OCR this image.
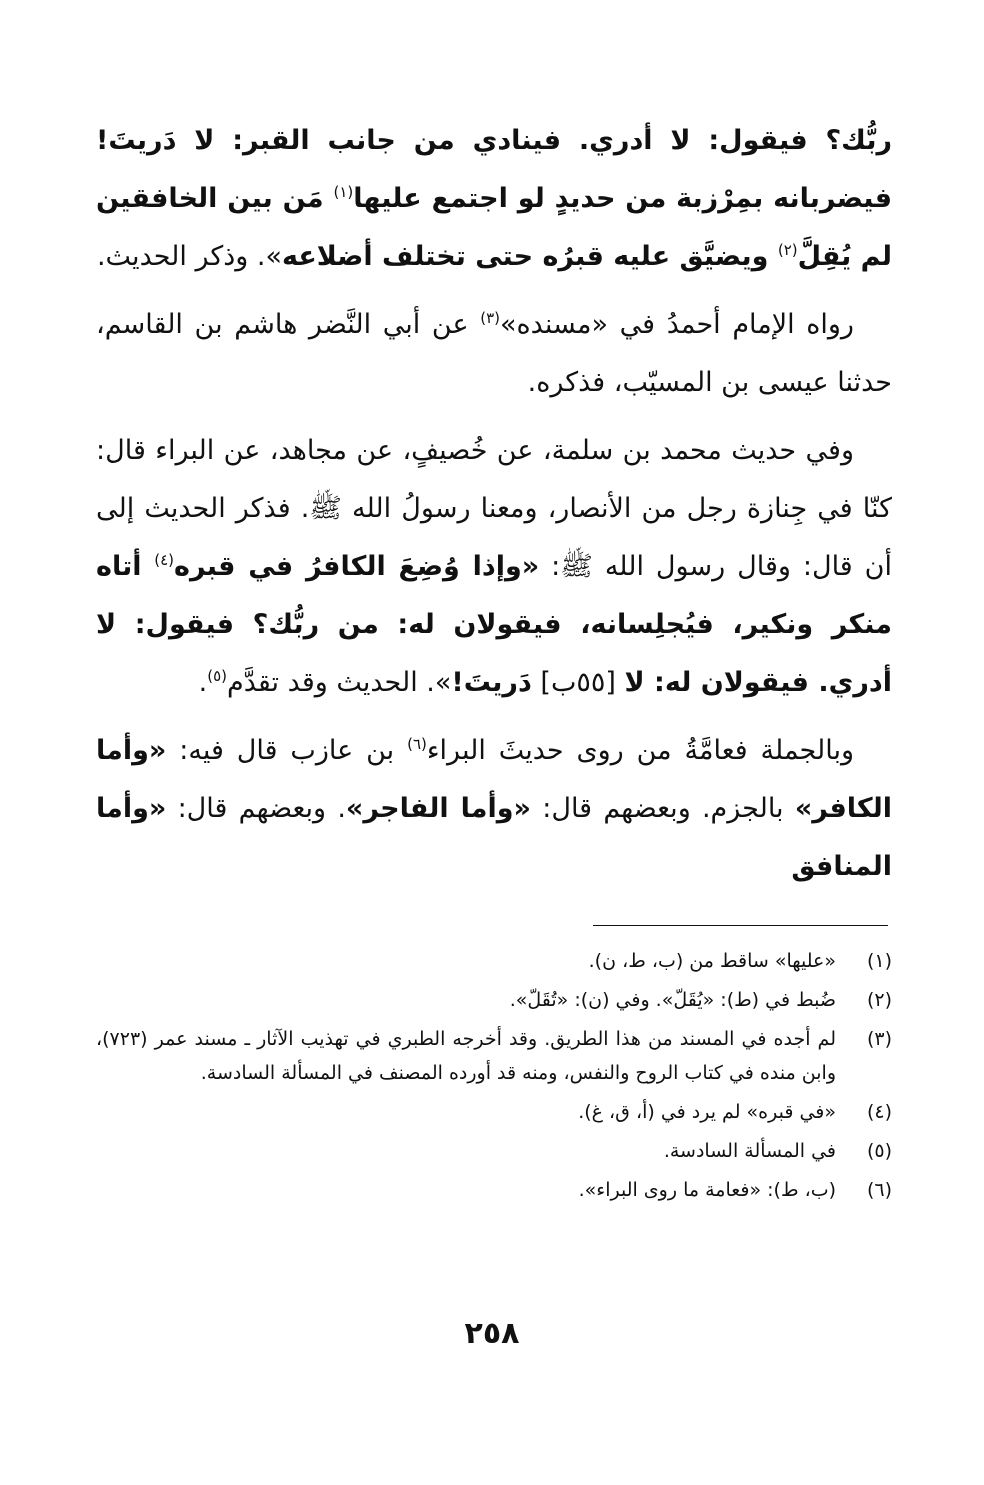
ربُّك؟ فيقول: لا أدري. فينادي من جانب القبر: لا دَريتَ! فيضربانه بمِرْزبة من حديدٍ لو اجتمع عليها$^{(١)}$ مَن بين الخافقين لم يُقِلَّ$^{(٢)}$ ويضيَّق عليه قبرُه حتى تختلف أضلاعه». وذكر الحديث.

رواه الإمام أحمدُ في «مسنده»$^{(٣)}$ عن أبي النَّضر هاشم بن القاسم، حدثنا عيسى بن المسيّب، فذكره.

وفي حديث محمد بن سلمة، عن خُصيفٍ، عن مجاهد، عن البراء قال: كنّا في جِنازة رجل من الأنصار، ومعنا رسولُ الله ﷺ. فذكر الحديث إلى أن قال: وقال رسول الله ﷺ: «وإذا وُضِعَ الكافرُ في قبره$^{(٤)}$ أتاه منكر ونكير، فيُجلِسانه، فيقولان له: من ربُّك؟ فيقول: لا أدري. فيقولان له: لا [٥٥ب] دَريتَ!». الحديث وقد تقدَّم$^{(٥)}$.

وبالجملة فعامَّةُ من روى حديثَ البراء$^{(٦)}$ بن عازب قال فيه: «وأما الكافر» بالجزم. وبعضهم قال: «وأما الفاجر». وبعضهم قال: «وأما المنافق

(١)
«عليها» ساقط من (ب، ط، ن).
(٢)
ضُبط في (ط): «يُقَلّ». وفي (ن): «تُقَلّ».
(٣)
لم أجده في المسند من هذا الطريق. وقد أخرجه الطبري في تهذيب الآثار ـ مسند عمر (٧٢٣)، وابن منده في كتاب الروح والنفس، ومنه قد أورده المصنف في المسألة السادسة.
(٤)
«في قبره» لم يرد في (أ، ق، غ).
(٥)
في المسألة السادسة.
(٦)
(ب، ط): «فعامة ما روى البراء».
٢٥٨
